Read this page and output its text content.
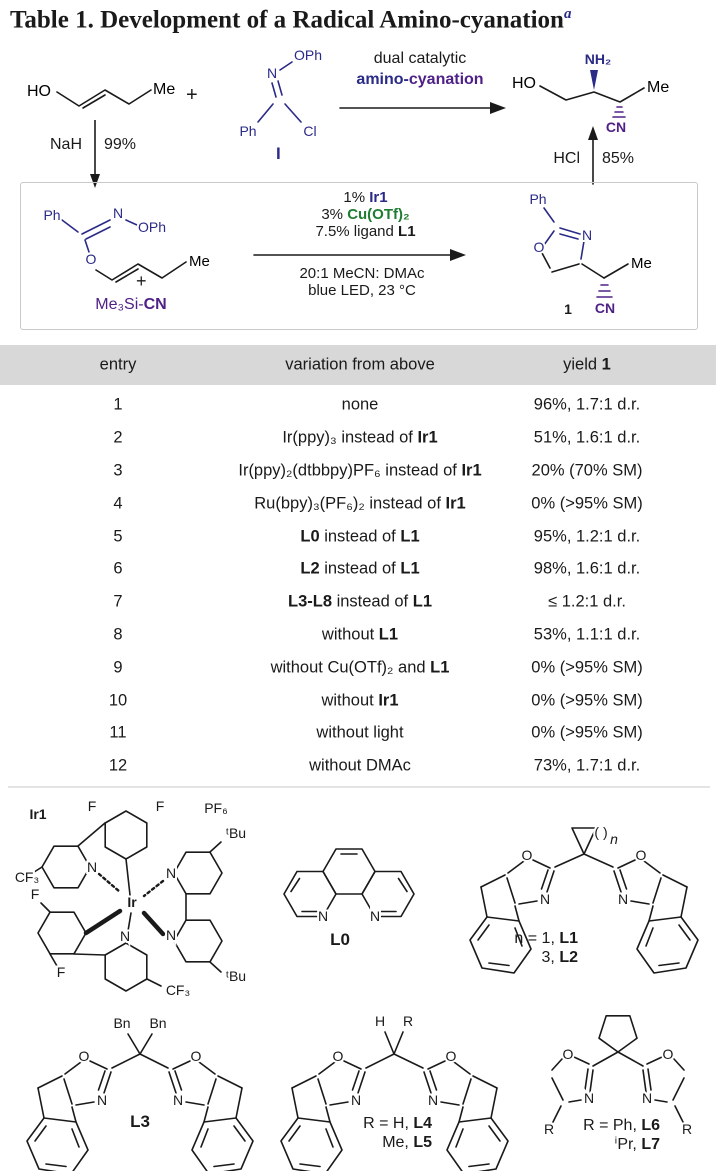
Table 1. Development of a Radical Amino-cyanation$^a$
HO	Me +
N
OPh
Ph	Cl
I
dual catalytic
amino-cyanation	HO
NH₂
Me
CN
NaH 99%
HCl 85%
Ph	N
OPh
O	Me
+
Me₃Si-CN
1% Ir1
3% Cu(OTf)₂
7.5% ligand L1
20:1 MeCN: DMAc
blue LED, 23 °C
Ph
O
N
Me
CN
1
entry	variation from above	yield 1
1	none	96%, 1.7:1 d.r.
2	Ir(ppy)₃ instead of Ir1	51%, 1.6:1 d.r.
3	Ir(ppy)₂(dtbbpy)PF₆ instead of Ir1	20% (70% SM)
4	Ru(bpy)₃(PF₆)₂ instead of Ir1	0% (>95% SM)
5	L0 instead of L1	95%, 1.2:1 d.r.
6	L2 instead of L1	98%, 1.6:1 d.r.
7	L3-L8 instead of L1	≤ 1.2:1 d.r.
8	without L1	53%, 1.1:1 d.r.
9	without Cu(OTf)₂ and L1	0% (>95% SM)
10	without Ir1	0% (>95% SM)
11	without light	0% (>95% SM)
12	without DMAc	73%, 1.7:1 d.r.
Ir1	PF₆
Ir
F	F
F
F
CF₃
CF₃
ᵗBu
ᵗBu
N
N
N
N
N	N
L0
( ) n
O	O
N	N
n = 1, L1
3, L2
Bn Bn
O	O
N	N
L3
H R
O	O
N	N
R = H, L4
Me, L5
O	O
N	N
R	R
R = Ph, L6
ⁱPr, L7
